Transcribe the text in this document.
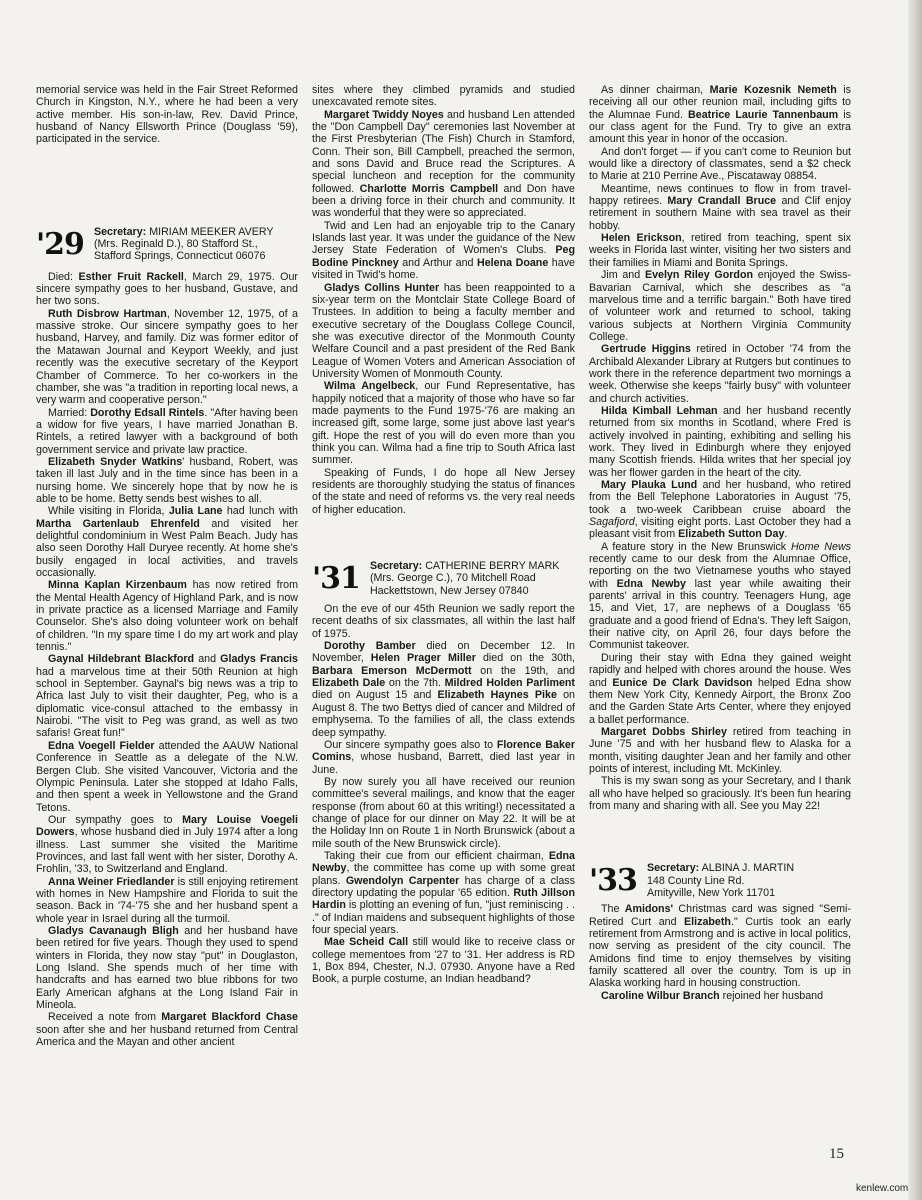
memorial service was held in the Fair Street Reformed Church in Kingston, N.Y., where he had been a very active member. His son-in-law, Rev. David Prince, husband of Nancy Ellsworth Prince (Douglass '59), participated in the service.

'29 Secretary: MIRIAM MEEKER AVERY
(Mrs. Reginald D.), 80 Stafford St.,
Stafford Springs, Connecticut 06076

Died: Esther Fruit Rackell, March 29, 1975. Our sincere sympathy goes to her husband, Gustave, and her two sons.

Ruth Disbrow Hartman, November 12, 1975, of a massive stroke. Our sincere sympathy goes to her husband, Harvey, and family. Diz was former editor of the Matawan Journal and Keyport Weekly, and just recently was the executive secretary of the Keyport Chamber of Commerce. To her co-workers in the chamber, she was "a tradition in reporting local news, a very warm and cooperative person."

Married: Dorothy Edsall Rintels. "After having been a widow for five years, I have married Jonathan B. Rintels, a retired lawyer with a background of both government service and private law practice.

Elizabeth Snyder Watkins' husband, Robert, was taken ill last July and in the time since has been in a nursing home. We sincerely hope that by now he is able to be home. Betty sends best wishes to all.

While visiting in Florida, Julia Lane had lunch with Martha Gartenlaub Ehrenfeld and visited her delightful condominium in West Palm Beach. Judy has also seen Dorothy Hall Duryee recently. At home she's busily engaged in local activities, and travels occasionally.

Minna Kaplan Kirzenbaum has now retired from the Mental Health Agency of Highland Park, and is now in private practice as a licensed Marriage and Family Counselor. She's also doing volunteer work on behalf of children. "In my spare time I do my art work and play tennis."

Gaynal Hildebrant Blackford and Gladys Francis had a marvelous time at their 50th Reunion at high school in September. Gaynal's big news was a trip to Africa last July to visit their daughter, Peg, who is a diplomatic vice-consul attached to the embassy in Nairobi. "The visit to Peg was grand, as well as two safaris! Great fun!"

Edna Voegell Fielder attended the AAUW National Conference in Seattle as a delegate of the N.W. Bergen Club. She visited Vancouver, Victoria and the Olympic Peninsula. Later she stopped at Idaho Falls, and then spent a week in Yellowstone and the Grand Tetons.

Our sympathy goes to Mary Louise Voegeli Dowers, whose husband died in July 1974 after a long illness. Last summer she visited the Maritime Provinces, and last fall went with her sister, Dorothy A. Frohlin, '33, to Switzerland and England.

Anna Weiner Friedlander is still enjoying retirement with homes in New Hampshire and Florida to suit the season. Back in '74-'75 she and her husband spent a whole year in Israel during all the turmoil.

Gladys Cavanaugh Bligh and her husband have been retired for five years. Though they used to spend winters in Florida, they now stay "put" in Douglaston, Long Island. She spends much of her time with handcrafts and has earned two blue ribbons for two Early American afghans at the Long Island Fair in Mineola.

Received a note from Margaret Blackford Chase soon after she and her husband returned from Central America and the Mayan and other ancient

sites where they climbed pyramids and studied unexcavated remote sites.

Margaret Twiddy Noyes and husband Len attended the "Don Campbell Day" ceremonies last November at the First Presbyterian (The Fish) Church in Stamford, Conn. Their son, Bill Campbell, preached the sermon, and sons David and Bruce read the Scriptures. A special luncheon and reception for the community followed. Charlotte Morris Campbell and Don have been a driving force in their church and community. It was wonderful that they were so appreciated.

Twid and Len had an enjoyable trip to the Canary Islands last year. It was under the guidance of the New Jersey State Federation of Women's Clubs. Peg Bodine Pinckney and Arthur and Helena Doane have visited in Twid's home.

Gladys Collins Hunter has been reappointed to a six-year term on the Montclair State College Board of Trustees. In addition to being a faculty member and executive secretary of the Douglass College Council, she was executive director of the Monmouth County Welfare Council and a past president of the Red Bank League of Women Voters and American Association of University Women of Monmouth County.

Wilma Angelbeck, our Fund Representative, has happily noticed that a majority of those who have so far made payments to the Fund 1975-'76 are making an increased gift, some large, some just above last year's gift. Hope the rest of you will do even more than you think you can. Wilma had a fine trip to South Africa last summer.

Speaking of Funds, I do hope all New Jersey residents are thoroughly studying the status of finances of the state and need of reforms vs. the very real needs of higher education.

'31 Secretary: CATHERINE BERRY MARK
(Mrs. George C.), 70 Mitchell Road
Hackettstown, New Jersey 07840

On the eve of our 45th Reunion we sadly report the recent deaths of six classmates, all within the last half of 1975.

Dorothy Bamber died on December 12. In November, Helen Prager Miller died on the 30th, Barbara Emerson McDermott on the 19th, and Elizabeth Dale on the 7th. Mildred Holden Parliment died on August 15 and Elizabeth Haynes Pike on August 8. The two Bettys died of cancer and Mildred of emphysema. To the families of all, the class extends deep sympathy.

Our sincere sympathy goes also to Florence Baker Comins, whose husband, Barrett, died last year in June.

By now surely you all have received our reunion committee's several mailings, and know that the eager response (from about 60 at this writing!) necessitated a change of place for our dinner on May 22. It will be at the Holiday Inn on Route 1 in North Brunswick (about a mile south of the New Brunswick circle).

Taking their cue from our efficient chairman, Edna Newby, the committee has come up with some great plans. Gwendolyn Carpenter has charge of a class directory updating the popular '65 edition. Ruth Jillson Hardin is plotting an evening of fun, "just reminiscing . . ." of Indian maidens and subsequent highlights of those four special years.

Mae Scheid Call still would like to receive class or college mementoes from '27 to '31. Her address is RD 1, Box 894, Chester, N.J. 07930. Anyone have a Red Book, a purple costume, an Indian headband?

As dinner chairman, Marie Kozesnik Nemeth is receiving all our other reunion mail, including gifts to the Alumnae Fund. Beatrice Laurie Tannenbaum is our class agent for the Fund. Try to give an extra amount this year in honor of the occasion.

And don't forget — if you can't come to Reunion but would like a directory of classmates, send a $2 check to Marie at 210 Perrine Ave., Piscataway 08854.

Meantime, news continues to flow in from travel-happy retirees. Mary Crandall Bruce and Clif enjoy retirement in southern Maine with sea travel as their hobby.

Helen Erickson, retired from teaching, spent six weeks in Florida last winter, visiting her two sisters and their families in Miami and Bonita Springs.

Jim and Evelyn Riley Gordon enjoyed the Swiss-Bavarian Carnival, which she describes as "a marvelous time and a terrific bargain." Both have tired of volunteer work and returned to school, taking various subjects at Northern Virginia Community College.

Gertrude Higgins retired in October '74 from the Archibald Alexander Library at Rutgers but continues to work there in the reference department two mornings a week. Otherwise she keeps "fairly busy" with volunteer and church activities.

Hilda Kimball Lehman and her husband recently returned from six months in Scotland, where Fred is actively involved in painting, exhibiting and selling his work. They lived in Edinburgh where they enjoyed many Scottish friends. Hilda writes that her special joy was her flower garden in the heart of the city.

Mary Plauka Lund and her husband, who retired from the Bell Telephone Laboratories in August '75, took a two-week Caribbean cruise aboard the Sagafjord, visiting eight ports. Last October they had a pleasant visit from Elizabeth Sutton Day.

A feature story in the New Brunswick Home News recently came to our desk from the Alumnae Office, reporting on the two Vietnamese youths who stayed with Edna Newby last year while awaiting their parents' arrival in this country. Teenagers Hung, age 15, and Viet, 17, are nephews of a Douglass '65 graduate and a good friend of Edna's. They left Saigon, their native city, on April 26, four days before the Communist takeover.

During their stay with Edna they gained weight rapidly and helped with chores around the house. Wes and Eunice De Clark Davidson helped Edna show them New York City, Kennedy Airport, the Bronx Zoo and the Garden State Arts Center, where they enjoyed a ballet performance.

Margaret Dobbs Shirley retired from teaching in June '75 and with her husband flew to Alaska for a month, visiting daughter Jean and her family and other points of interest, including Mt. McKinley.

This is my swan song as your Secretary, and I thank all who have helped so graciously. It's been fun hearing from many and sharing with all. See you May 22!

'33 Secretary: ALBINA J. MARTIN
148 County Line Rd.
Amityville, New York 11701

The Amidons' Christmas card was signed "Semi-Retired Curt and Elizabeth." Curtis took an early retirement from Armstrong and is active in local politics, now serving as president of the city council. The Amidons find time to enjoy themselves by visiting family scattered all over the country. Tom is up in Alaska working hard in housing construction.

Caroline Wilbur Branch rejoined her husband

15
kenlew.com
